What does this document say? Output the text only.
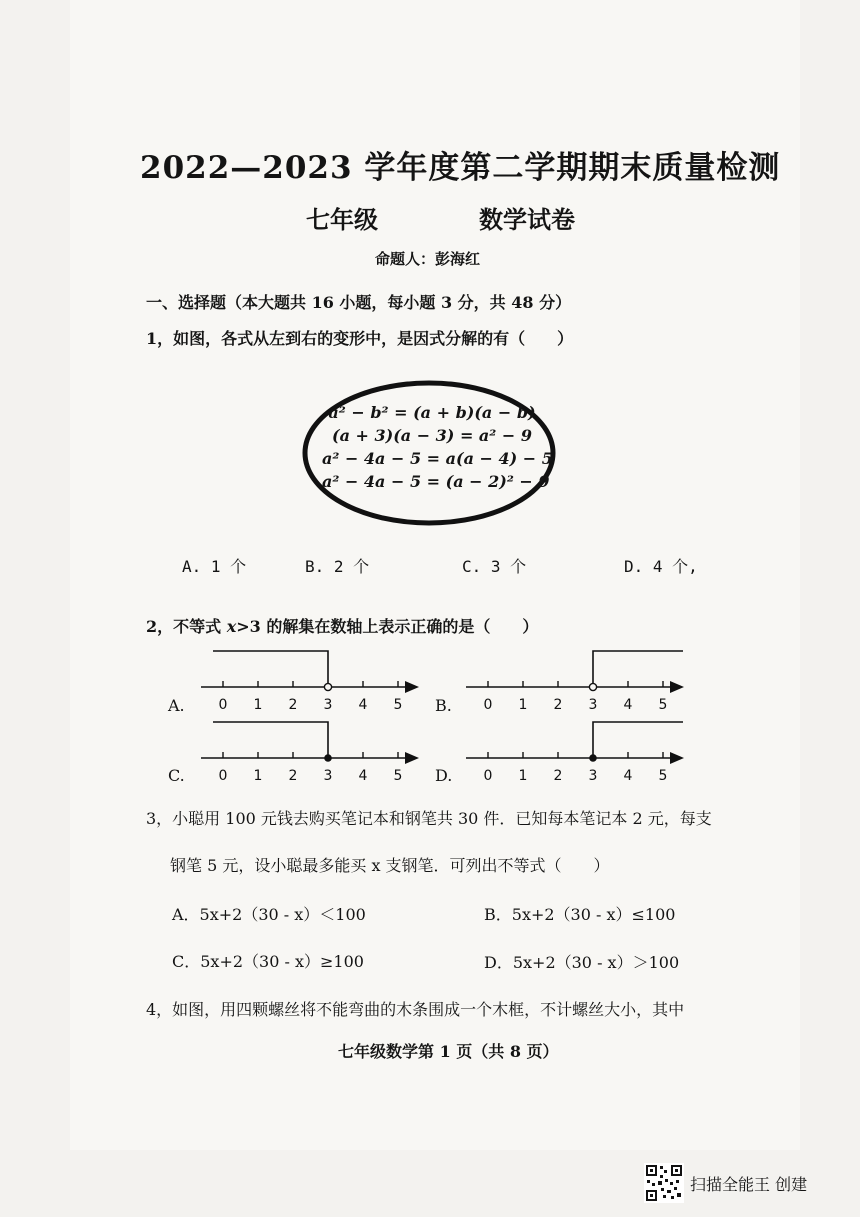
2022—2023 学年度第二学期期末质量检测
七年级	数学试卷
命题人：彭海红
一、选择题（本大题共 16 小题，每小题 3 分，共 48 分）
1，如图，各式从左到右的变形中，是因式分解的有（　　）
a² − b² = (a + b)(a − b)
(a + 3)(a − 3) = a² − 9
a² − 4a − 5 = a(a − 4) − 5
a² − 4a − 5 = (a − 2)² − 9
A. 1 个	B. 2 个	C. 3 个	D. 4 个,
2，不等式 x>3 的解集在数轴上表示正确的是（　　）
A. 0 1 2 3 4 5 B. 0 1 2 3 4 5
C. 0 1 2 3 4 5 D. 0 1 2 3 4 5
3，小聪用 100 元钱去购买笔记本和钢笔共 30 件．已知每本笔记本 2 元，每支
钢笔 5 元，设小聪最多能买 x 支钢笔．可列出不等式（　　）
A．5x+2（30 - x）＜100	B．5x+2（30 - x）≤100
C．5x+2（30 - x）≥100	D．5x+2（30 - x）＞100
4，如图，用四颗螺丝将不能弯曲的木条围成一个木框，不计螺丝大小，其中
七年级数学第 1 页（共 8 页）
扫描全能王 创建
